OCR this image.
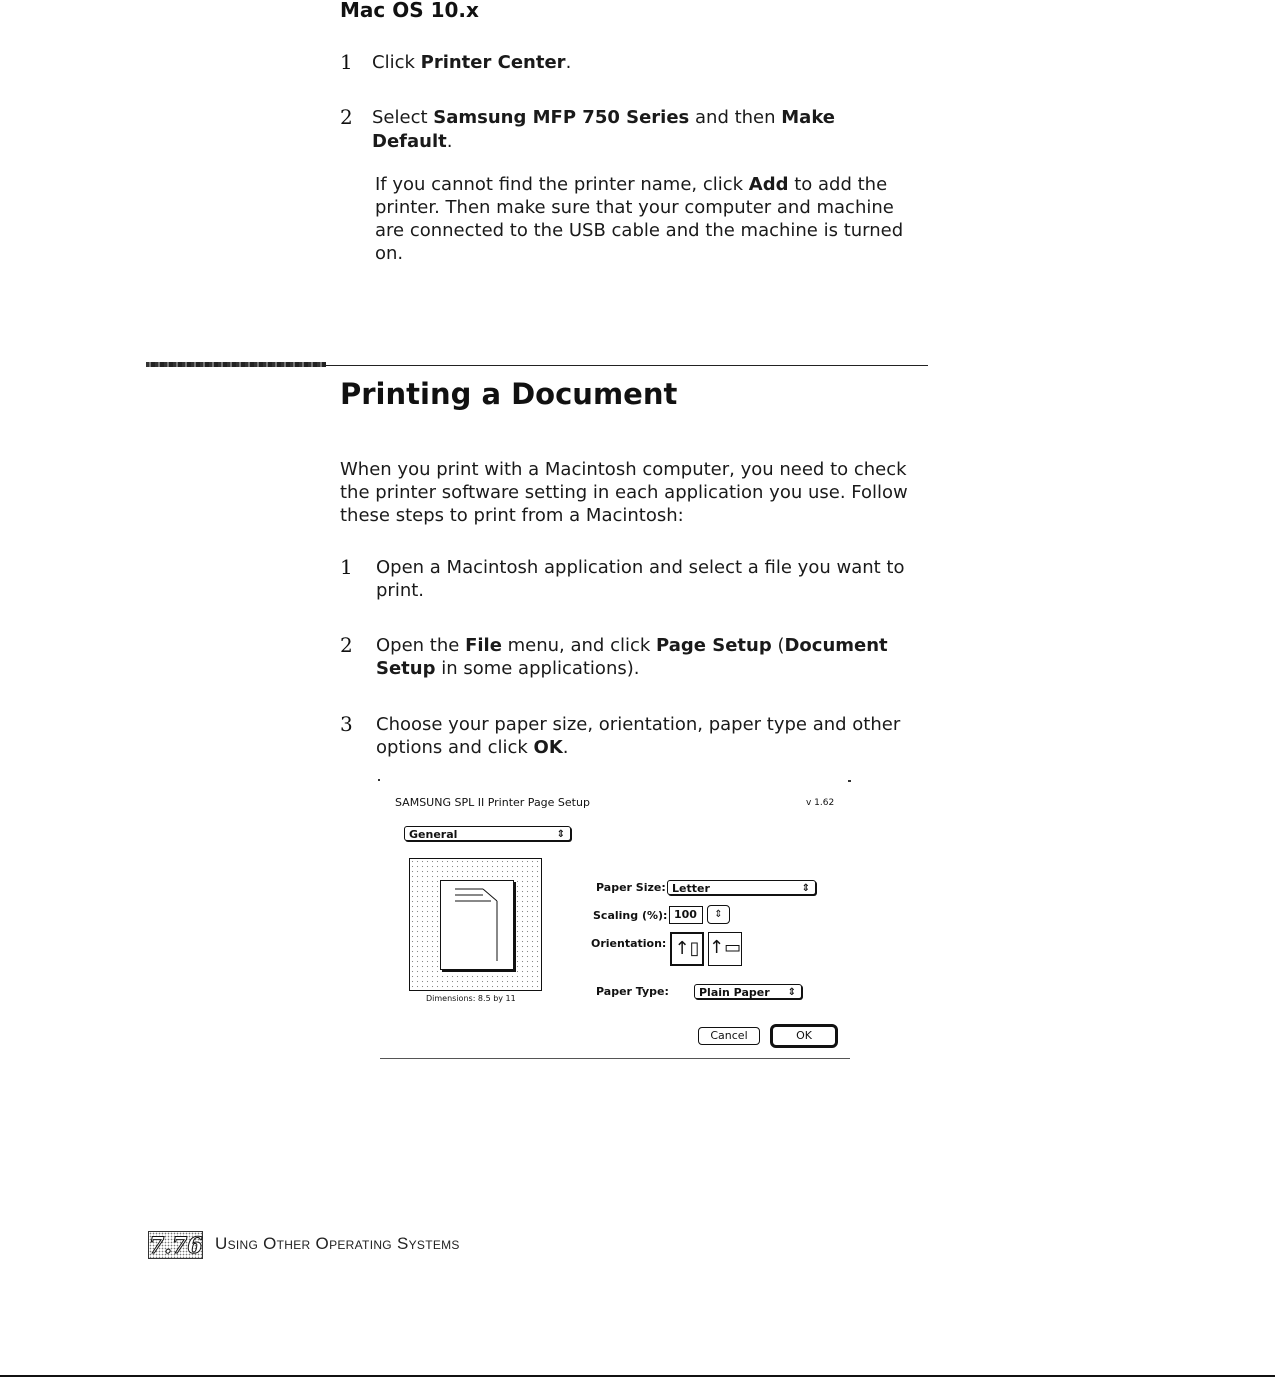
Mac OS 10.x
1 Click Printer Center.
2 Select Samsung MFP 750 Series and then Make
Default.
If you cannot find the printer name, click Add to add the
printer. Then make sure that your computer and machine
are connected to the USB cable and the machine is turned
on.
Printing a Document
When you print with a Macintosh computer, you need to check
the printer software setting in each application you use. Follow
these steps to print from a Macintosh:
1 Open a Macintosh application and select a file you want to
print.
2 Open the File menu, and click Page Setup (Document
Setup in some applications).
3 Choose your paper size, orientation, paper type and other
options and click OK.
SAMSUNG SPL II Printer Page Setup	v 1.62
General	⇕
Dimensions: 8.5 by 11
Paper Size: Letter	⇕
Scaling (%): 100	⇕
Orientation: ↑▯ ↑▭
Paper Type:	Plain Paper ⇕
Cancel	OK
7.76 Using Other Operating Systems
